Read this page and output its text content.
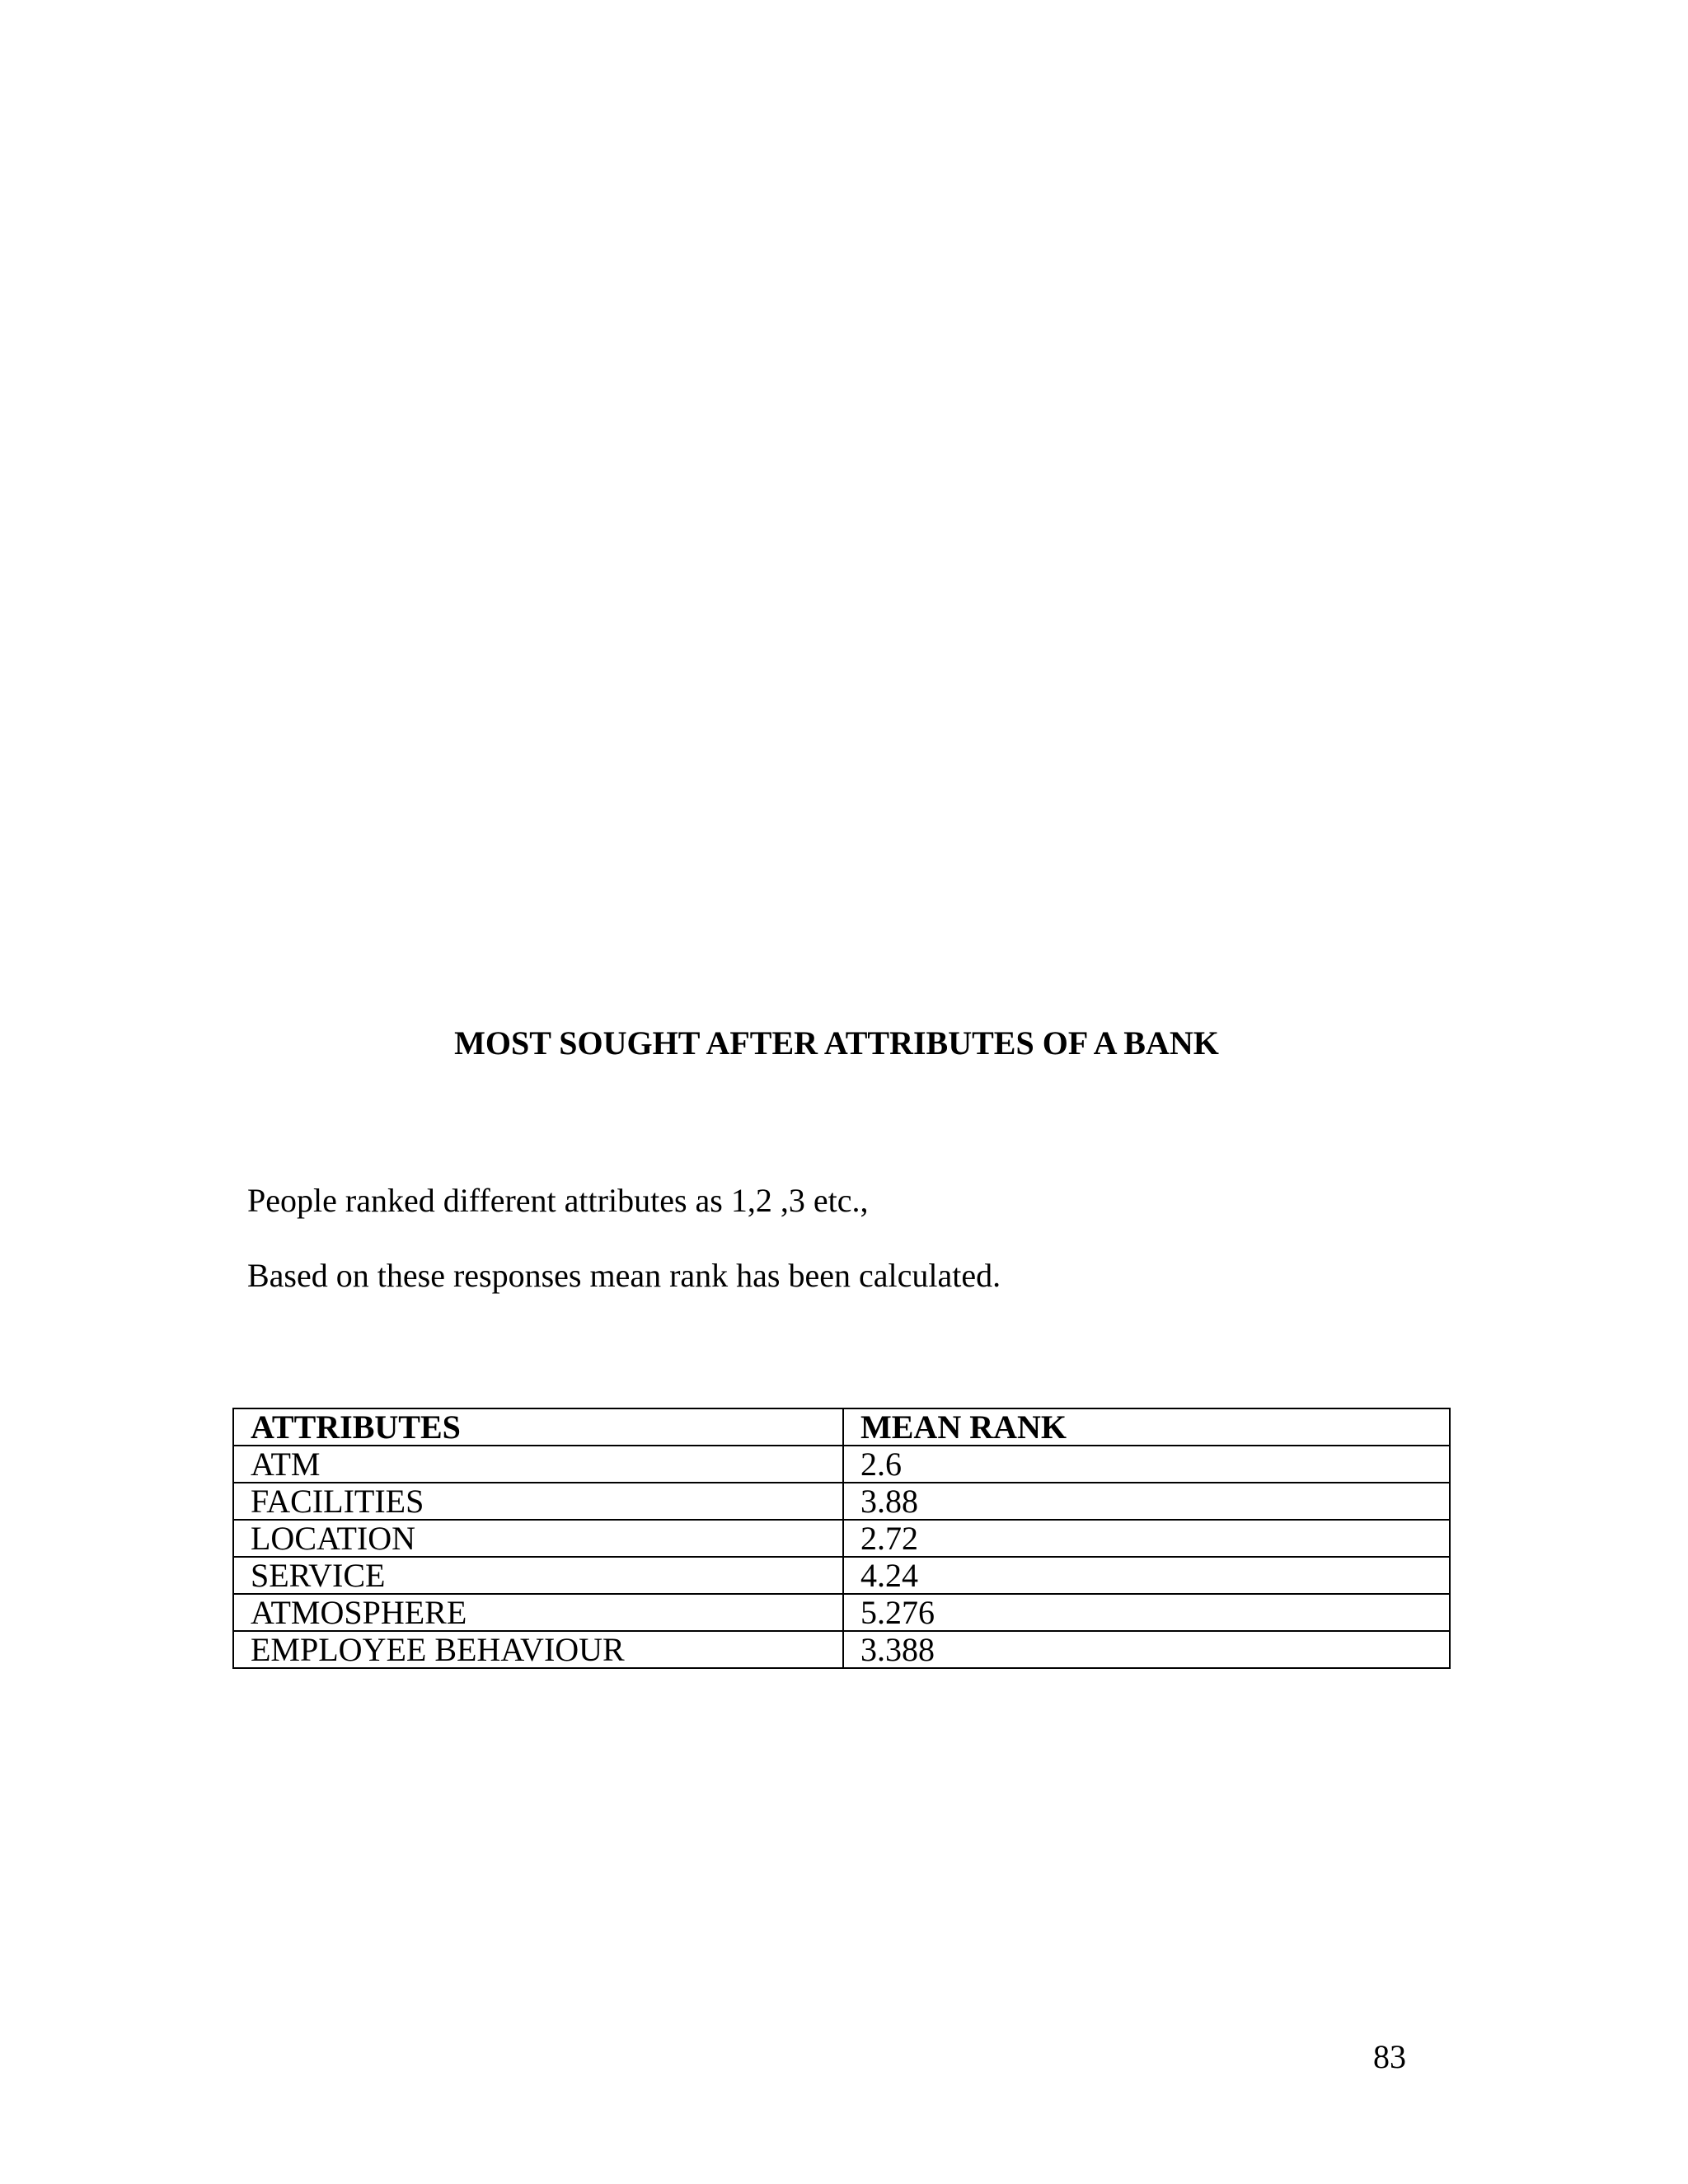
MOST SOUGHT AFTER ATTRIBUTES OF A BANK

People ranked different attributes as 1,2 ,3 etc.,

Based on these responses mean rank has been calculated.

ATTRIBUTES	MEAN RANK
ATM	2.6
FACILITIES	3.88
LOCATION	2.72
SERVICE	4.24
ATMOSPHERE	5.276
EMPLOYEE BEHAVIOUR	3.388

83
